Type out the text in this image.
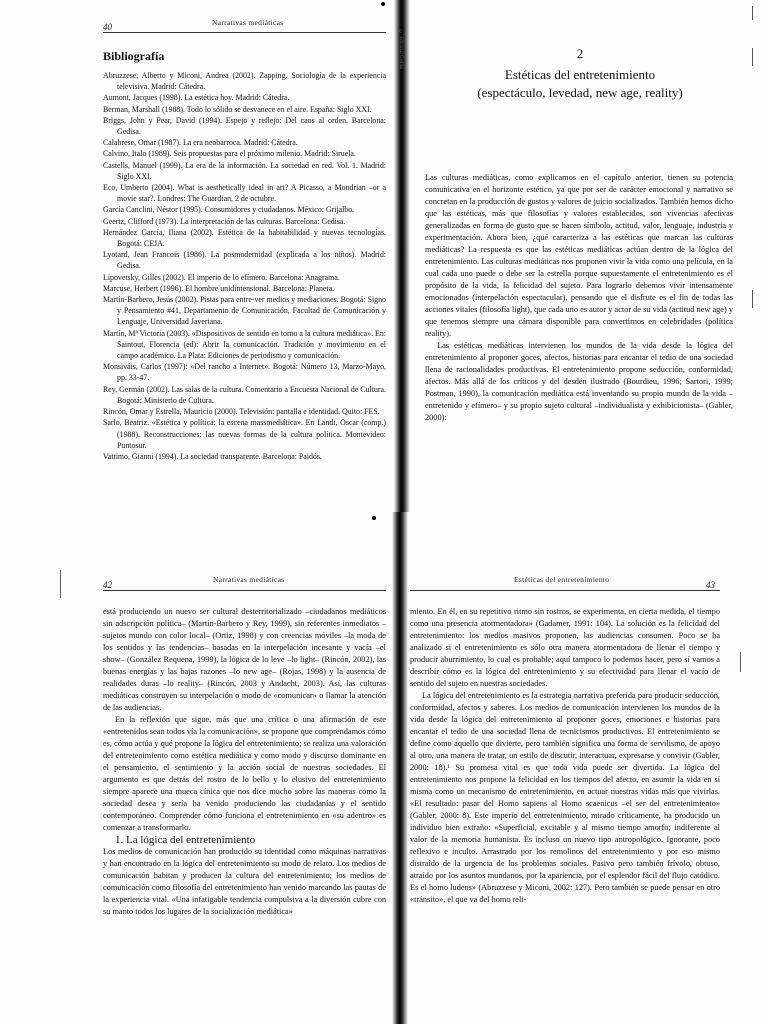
© Editorial Gedisa
40	Narrativas mediáticas
Bibliografía

Abruzzese, Alberto y Miconi, Andrea (2002). Zapping. Sociología de la experiencia televisiva. Madrid: Cátedra.

Aumont, Jacques (1998). La estética hoy. Madrid: Cátedra.

Berman, Marshall (1988). Todo lo sólido se desvanece en el aire. España: Siglo XXI.

Briggs, John y Pear, David (1994). Espejo y reflejo: Del caos al orden. Barcelona: Gedisa.

Calabrese, Omar (1987). La era neobarroca. Madrid: Cátedra.

Calvino, Italo (1989). Seis propuestas para el próximo milenio. Madrid: Siruela.

Castells, Manuel (1999). La era de la información. La sociedad en red. Vol. 1. Madrid: Siglo XXI.

Eco, Umberto (2004). What is aesthetically ideal in art? A Picasso, a Mondrian –or a movie star?. Londres: The Guardian, 2 de octubre.

García Canclini, Néstor (1995). Consumidores y ciudadanos. México: Grijalbo.

Geertz, Clifford (1973). La interpretación de las culturas. Barcelona: Gedisa.

Hernández García, Iliana (2002). Estética de la habitabilidad y nuevas tecnologías. Bogotá: CEJA.

Lyotard, Jean Francois (1986). La posmodernidad (explicada a los niños). Madrid: Gedisa.

Lipovetsky, Gilles (2002). El imperio de lo efímero. Barcelona: Anagrama.

Marcuse, Herbert (1996). El hombre unidimensional. Barcelona: Planeta.

Martín-Barbero, Jesús (2002). Pistas para entre-ver medios y mediaciones. Bogotá: Signo y Pensamiento #41, Departamento de Comunicación, Facultad de Comunicación y Lenguaje, Universidad Javeriana.

Martín, Mª Victoria (2003). «Dispositivos de sentido en torno a la cultura mediática». En: Saintout, Florencia (ed): Abrir la comunicación. Tradición y movimiento en el campo académico. La Plata: Ediciones de periodismo y comunicación.

Monsiváis, Carlos (1997): «Del rancho a Internet». Bogotá: Número 13, Marzo-Mayo, pp. 33-47.

Rey, Germán (2002). Las salas de la cultura. Comentario a Encuesta Nacional de Cultura. Bogotá: Ministerio de Cultura.

Rincón, Omar y Estrella, Mauricio (2000). Televisión: pantalla e identidad. Quito: FES.

Sarlo, Beatriz. «Estética y política: la escena massmediática». En Landi, Oscar (comp.) (1988). Reconstrucciones: las nuevas formas de la cultura política. Montevideo: Puntosur.

Vattimo, Gianni (1994). La sociedad transparente. Barcelona: Paidós.

2
Estéticas del entretenimiento
(espectáculo, levedad, new age, reality)

Las culturas mediáticas, como explicamos en el capítulo anterior, tienen su potencia comunicativa en el horizonte estético, ya que por ser de carácter emocional y narrativo se concretan en la producción de gustos y valores de juicio socializados. También hemos dicho que las estéticas, más que filosofías y valores establecidos, son vivencias afectivas generalizadas en forma de gusto que se hacen símbolo, actitud, valor, lenguaje, industria y experimentación. Ahora bien, ¿qué caracteriza a las estéticas que marcan las culturas mediáticas? La respuesta es que las estéticas mediáticas actúan dentro de la lógica del entretenimiento. Las culturas mediáticas nos proponen vivir la vida como una película, en la cual cada uno puede o debe ser la estrella porque supuestamente el entretenimiento es el propósito de la vida, la felicidad del sujeto. Para lograrlo debemos vivir intensamente emocionados (interpelación espectacular), pensando que el disfrute es el fin de todas las acciones vitales (filosofía light), que cada uno es autor y actor de su vida (actitud new age) y que tenemos siempre una cámara disponible para convertirnos en celebridades (política reality).

Las estéticas mediáticas intervienen los mundos de la vida desde la lógica del entretenimiento al proponer goces, afectos, historias para encantar el tedio de una sociedad llena de racionalidades productivas. El entretenimiento propone seducción, conformidad, afectos. Más allá de los críticos y del desdén ilustrado (Bourdieu, 1996; Sartori, 1999; Postman, 1990), la comunicación mediática está inventando su propio mundo de la vida –entretenido y efímero– y su propio sujeto cultural –individualista y exhibicionista– (Gabler, 2000):

42
Narrativas mediáticas

está produciendo un nuevo ser cultural desterritorializado –ciudadanos mediáticos sin adscripción política– (Martín-Barbero y Rey, 1999), sin referentes inmediatos –sujetos mundo con color local– (Ortiz, 1998) y con creencias móviles –la moda de los sentidos y las tendencias– basadas en la interpelación incesante y vacía –el show– (González Requena, 1999), la lógica de lo leve –lo light– (Rincón, 2002), las buenas energías y las bajas razones –lo new age– (Rojas, 1998) y la ausencia de realidades duras –lo reality– (Rincón, 2003 y Andacht, 2003). Así, las culturas mediáticas construyen su interpelación o modo de «comunicar» o llamar la atención de las audiencias.

En la reflexión que sigue, más que una crítica o una afirmación de este «entretenidos sean todos vía la comunicación», se propone que comprendamos cómo es, cómo actúa y qué propone la lógica del entretenimiento; se realiza una valoración del entretenimiento como estética mediática y como modo y discurso dominante en el pensamiento, el sentimiento y la acción social de nuestras sociedades. El argumento es que detrás del rostro de lo bello y lo elusivo del entretenimiento siempre aparece una mueca cínica que nos dice mucho sobre las maneras como la sociedad desea y sería ha venido produciendo las ciudadanías y el sentido contemporáneo. Comprender cómo funciona el entretenimiento en «su adentro» es comenzar a transformarlo.

1. La lógica del entretenimiento

Los medios de comunicación han producido su identidad como máquinas narrativas y han encontrado en la lógica del entretenimiento su modo de relato. Los medios de comunicación habitan y producen la cultura del entretenimiento; los medios de comunicación como filosofía del entretenimiento han venido marcando las pautas de la experiencia vital. «Una infatigable tendencia compulsiva a la diversión cubre con su manto todos los lugares de la socialización mediática»

43
Estéticas del entretenimiento

miento. En él, en su repetitivo ritmo sin rostros, se experimenta, en cierta medida, el tiempo como una presencia atormentadora» (Gadamer, 1991: 104). La solución es la felicidad del entretenimiento: los medios masivos proponen, las audiencias consumen. Poco se ha analizado si el entretenimiento es sólo otra manera atormentadora de llenar el tiempo y producir aburrimiento, lo cual es probable; aquí tampoco lo podemos hacer, pero sí vamos a describir cómo es la lógica del entretenimiento y su efectividad para llenar el vacío de sentido del sujeto en nuestras sociedades.

La lógica del entretenimiento es la estrategia narrativa preferida para producir seducción, conformidad, afectos y saberes. Los medios de comunicación intervienen los mundos de la vida desde la lógica del entretenimiento al proponer goces, emociones e historias para encantar el tedio de una sociedad llena de tecnicismos productivos. El entretenimiento se define como aquello que divierte, pero también significa una forma de servilismo, de apoyo al otro, una manera de tratar, un estilo de discutir, interactuar, expresarse y convivir (Gabler, 2000: 18).¹ Su promesa vital es que toda vida puede ser divertida. La lógica del entretenimiento nos propone la felicidad en los tiempos del afecto, en asumir la vida en sí misma como un mecanismo de entretenimiento, en actuar nuestras vidas más que vivirlas. «El resultado: pasar del Homo sapiens al Homo scaenicus –el ser del entretenimiento» (Gabler, 2000: 8). Este imperio del entretenimiento, mirado críticamente, ha producido un individuo bien extraño: «Superficial, excitable y al mismo tiempo amorfo; indiferente al valor de la memoria humanista. Es incluso un nuevo tipo antropológico. Ignorante, poco reflexivo e inculto. Arrastrado por los remolinos del entretenimiento y por eso mismo distraído de la urgencia de los problemas sociales. Pasivo pero también frívolo, obtuso, atraído por los asuntos mundanos, por la apariencia, por el esplendor fácil del flujo catódico. Es el homo ludens» (Abruzzese y Miconi, 2002: 127). Pero también se puede pensar en otro «tránsito», el que va del homo reli-
